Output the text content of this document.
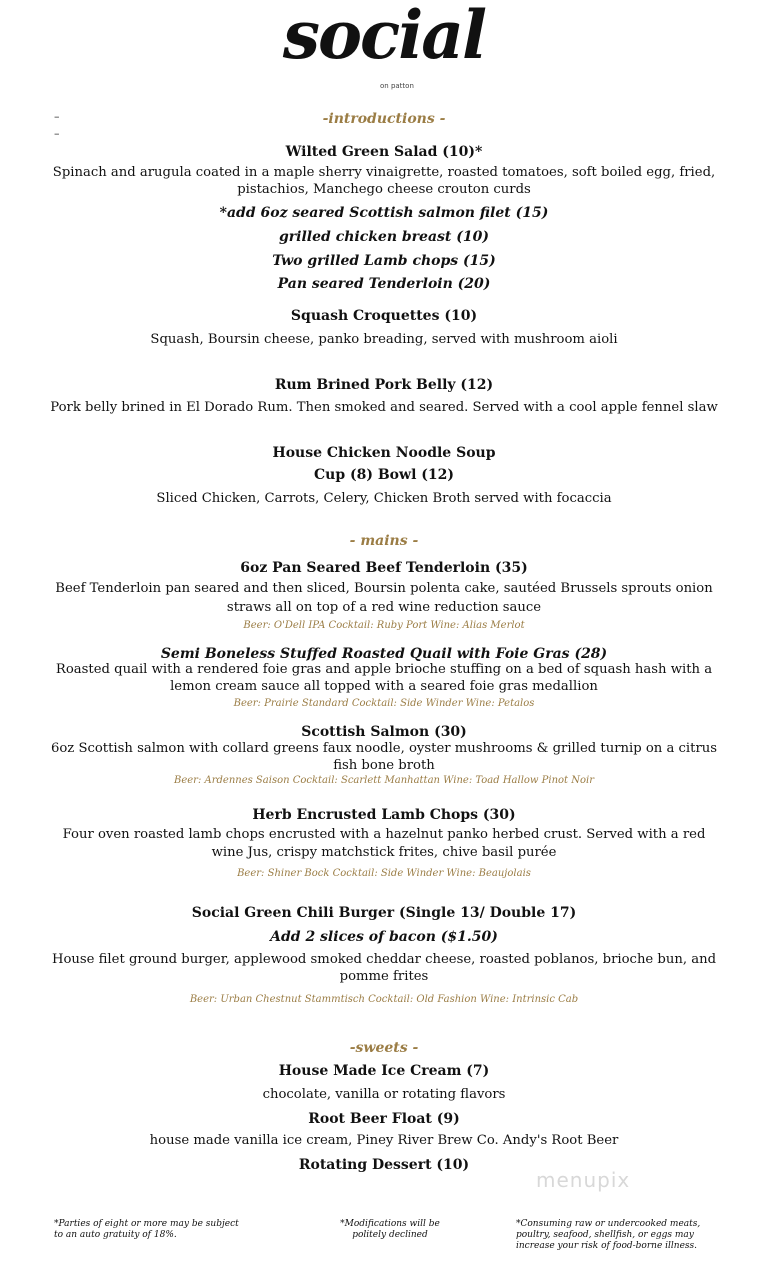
social
on patton
–
–
-introductions -
Wilted Green Salad (10)*
Spinach and arugula coated in a maple sherry vinaigrette, roasted tomatoes, soft boiled egg, fried,
pistachios, Manchego cheese crouton curds
*add 6oz seared Scottish salmon filet (15)
grilled chicken breast (10)
Two grilled Lamb chops (15)
Pan seared Tenderloin (20)
Squash Croquettes (10)
Squash, Boursin cheese, panko breading, served with mushroom aioli
Rum Brined Pork Belly (12)
Pork belly brined in El Dorado Rum. Then smoked and seared. Served with a cool apple fennel slaw
House Chicken Noodle Soup
Cup (8) Bowl (12)
Sliced Chicken, Carrots, Celery, Chicken Broth served with focaccia
- mains -
6oz Pan Seared Beef Tenderloin (35)
Beef Tenderloin pan seared and then sliced, Boursin polenta cake, sautéed Brussels sprouts onion
straws all on top of a red wine reduction sauce
Beer: O'Dell IPA Cocktail: Ruby Port Wine: Alias Merlot
Semi Boneless Stuffed Roasted Quail with Foie Gras (28)
Roasted quail with a rendered foie gras and apple brioche stuffing on a bed of squash hash with a
lemon cream sauce all topped with a seared foie gras medallion
Beer: Prairie Standard Cocktail: Side Winder Wine: Petalos
Scottish Salmon (30)
6oz Scottish salmon with collard greens faux noodle, oyster mushrooms & grilled turnip on a citrus
fish bone broth
Beer: Ardennes Saison Cocktail: Scarlett Manhattan Wine: Toad Hallow Pinot Noir
Herb Encrusted Lamb Chops (30)
Four oven roasted lamb chops encrusted with a hazelnut panko herbed crust. Served with a red
wine Jus, crispy matchstick frites, chive basil purée
Beer: Shiner Bock Cocktail: Side Winder Wine: Beaujolais
Social Green Chili Burger (Single 13/ Double 17)
Add 2 slices of bacon ($1.50)
House filet ground burger, applewood smoked cheddar cheese, roasted poblanos, brioche bun, and
pomme frites
Beer: Urban Chestnut Stammtisch Cocktail: Old Fashion Wine: Intrinsic Cab
-sweets -
House Made Ice Cream (7)
chocolate, vanilla or rotating flavors
Root Beer Float (9)
house made vanilla ice cream, Piney River Brew Co. Andy's Root Beer
Rotating Dessert (10)
menupix
*Parties of eight or more may be subject
to an auto gratuity of 18%.
*Modifications will be
politely declined
*Consuming raw or undercooked meats,
poultry, seafood, shellfish, or eggs may
increase your risk of food-borne illness.
